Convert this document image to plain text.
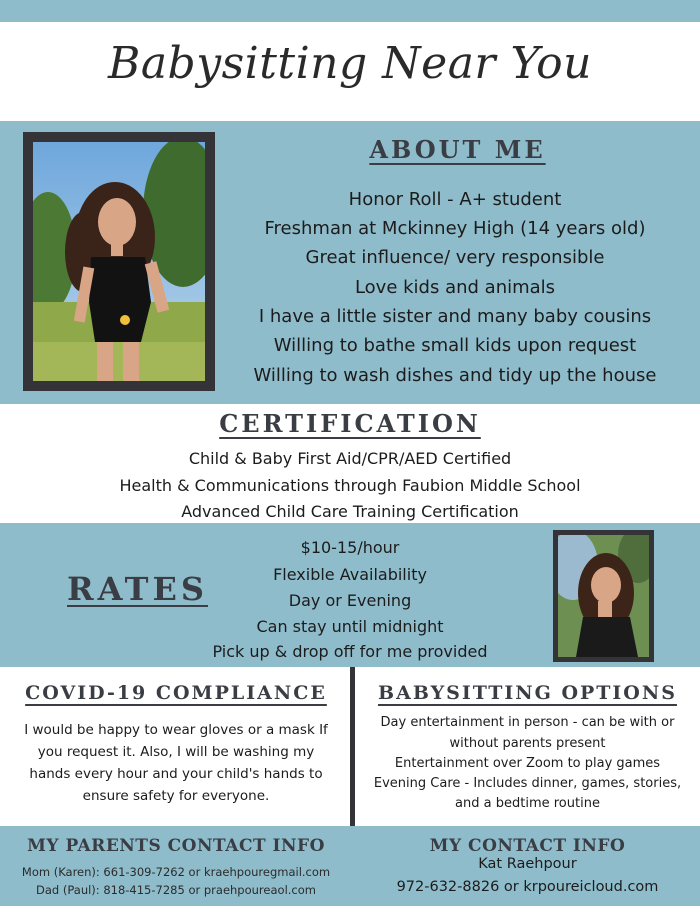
Babysitting Near You
ABOUT ME
Honor Roll - A+ student
Freshman at Mckinney High (14 years old)
Great influence/ very responsible
Love kids and animals
I have a little sister and many baby cousins
Willing to bathe small kids upon request
Willing to wash dishes and tidy up the house
CERTIFICATION
Child & Baby First Aid/CPR/AED Certified
Health & Communications through Faubion Middle School
Advanced Child Care Training Certification
RATES
$10-15/hour
Flexible Availability
Day or Evening
Can stay until midnight
Pick up & drop off for me provided
COVID-19 COMPLIANCE
I would be happy to wear gloves or a mask If
you request it. Also, I will be washing my
hands every hour and your child's hands to
ensure safety for everyone.
BABYSITTING OPTIONS
Day entertainment in person - can be with or
without parents present
Entertainment over Zoom to play games
Evening Care - Includes dinner, games, stories,
and a bedtime routine
MY PARENTS CONTACT INFO
Mom (Karen): 661-309-7262 or kraehpouregmail.com
Dad (Paul): 818-415-7285 or praehpoureaol.com
MY CONTACT INFO
Kat Raehpour
972-632-8826 or krpoureicloud.com
